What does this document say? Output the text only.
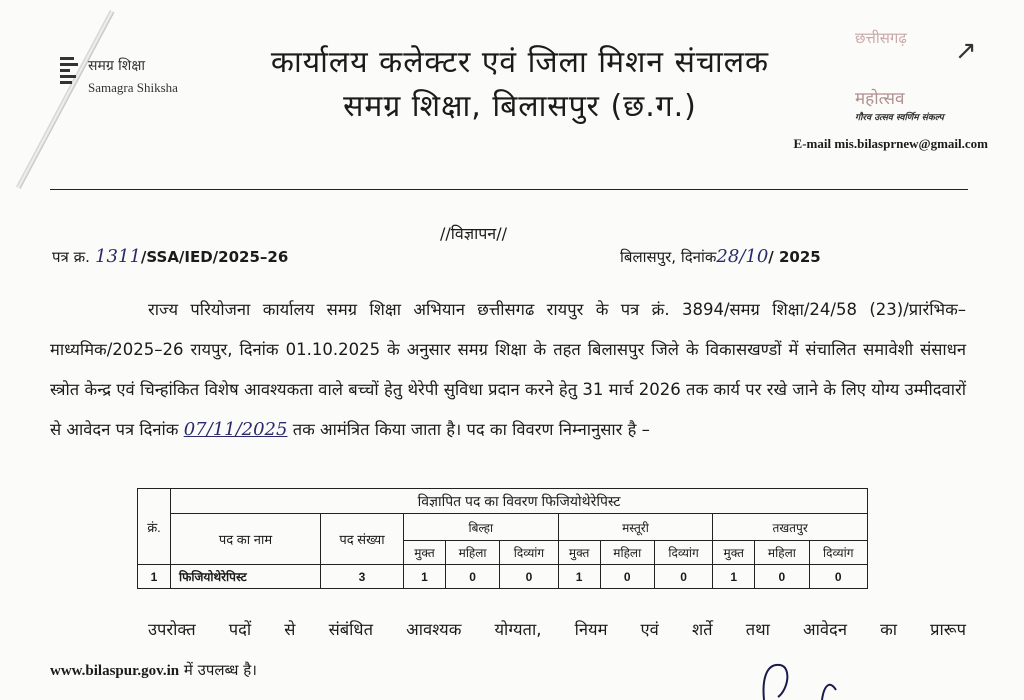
समग्र शिक्षा
Samagra Shiksha
कार्यालय कलेक्टर एवं जिला मिशन संचालक
समग्र शिक्षा, बिलासपुर (छ.ग.)
छत्तीसगढ़ ↗
महोत्सव
गौरव उत्सव स्वर्णिम संकल्प
E-mail mis.bilasprnew@gmail.com
//विज्ञापन//
पत्र क्र. 1311/SSA/IED/2025–26	बिलासपुर, दिनांक28/10/ 2025
राज्य परियोजना कार्यालय समग्र शिक्षा अभियान छत्तीसगढ रायपुर के पत्र क्रं. 3894/समग्र शिक्षा/24/58 (23)/प्रारंभिक–माध्यमिक/2025–26 रायपुर, दिनांक 01.10.2025 के अनुसार समग्र शिक्षा के तहत बिलासपुर जिले के विकासखण्डों में संचालित समावेशी संसाधन स्त्रोत केन्द्र एवं चिन्हांकित विशेष आवश्यकता वाले बच्चों हेतु थेरेपी सुविधा प्रदान करने हेतु 31 मार्च 2026 तक कार्य पर रखे जाने के लिए योग्य उम्मीदवारों से आवेदन पत्र दिनांक 07/11/2025 तक आमंत्रित किया जाता है। पद का विवरण निम्नानुसार है –
क्रं.	विज्ञापित पद का विवरण फिजियोथेरेपिस्ट										
	पद का नाम	पद संख्या	बिल्हा			मस्तूरी			तखतपुर		
			मुक्त	महिला	दिव्यांग	मुक्त	महिला	दिव्यांग	मुक्त	महिला	दिव्यांग
1	फिजियोथेरेपिस्ट	3	1	0	0	1	0	0	1	0	0
उपरोक्त पदों से संबंधित आवश्यक योग्यता, नियम एवं शर्ते तथा आवेदन का प्रारूप
www.bilaspur.gov.in में उपलब्ध है।
